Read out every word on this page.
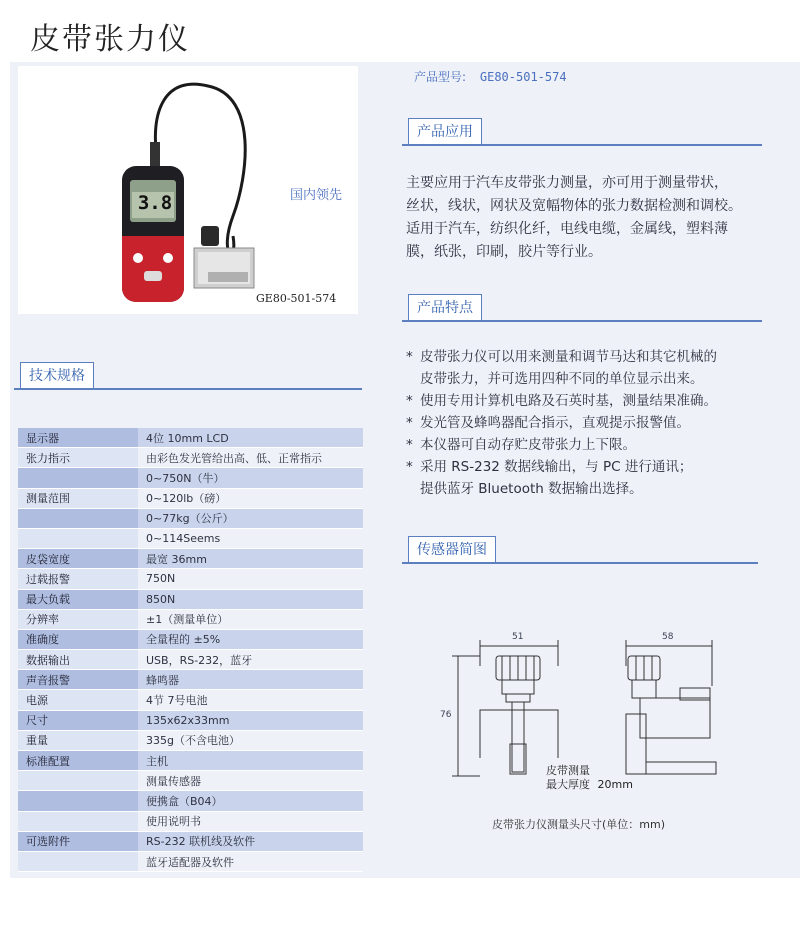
皮带张力仪
3.8	国内领先
GE80-501-574
产品型号: GE80-501-574
产品应用
主要应用于汽车皮带张力测量，亦可用于测量带状，
丝状，线状，网状及宽幅物体的张力数据检测和调校。
适用于汽车，纺织化纤，电线电缆，金属线，塑料薄
膜，纸张，印刷，胶片等行业。
产品特点
* 皮带张力仪可以用来测量和调节马达和其它机械的
皮带张力，并可选用四种不同的单位显示出来。
* 使用专用计算机电路及石英时基，测量结果准确。
* 发光管及蜂鸣器配合指示，直观提示报警值。
* 本仪器可自动存贮皮带张力上下限。
* 采用 RS-232 数据线输出，与 PC 进行通讯；
提供蓝牙 Bluetooth 数据输出选择。
技术规格
显示器	4位 10mm LCD
张力指示	由彩色发光管给出高、低、正常指示
	0~750N（牛）
测量范围	0~120lb（磅）
	0~77kg（公斤）
	0~114Seems
皮袋宽度	最宽 36mm
过载报警	750N
最大负载	850N
分辨率	±1（测量单位）
准确度	全量程的 ±5%
数据输出	USB，RS-232，蓝牙
声音报警	蜂鸣器
电源	4节 7号电池
尺寸	135x62x33mm
重量	335g（不含电池）
标准配置	主机
	测量传感器
	便携盒（B04）
	使用说明书
可选附件	RS-232 联机线及软件
	蓝牙适配器及软件
传感器简图
51	58
76
皮带测量
最大厚度 20mm
皮带张力仪测量头尺寸(单位：mm)
